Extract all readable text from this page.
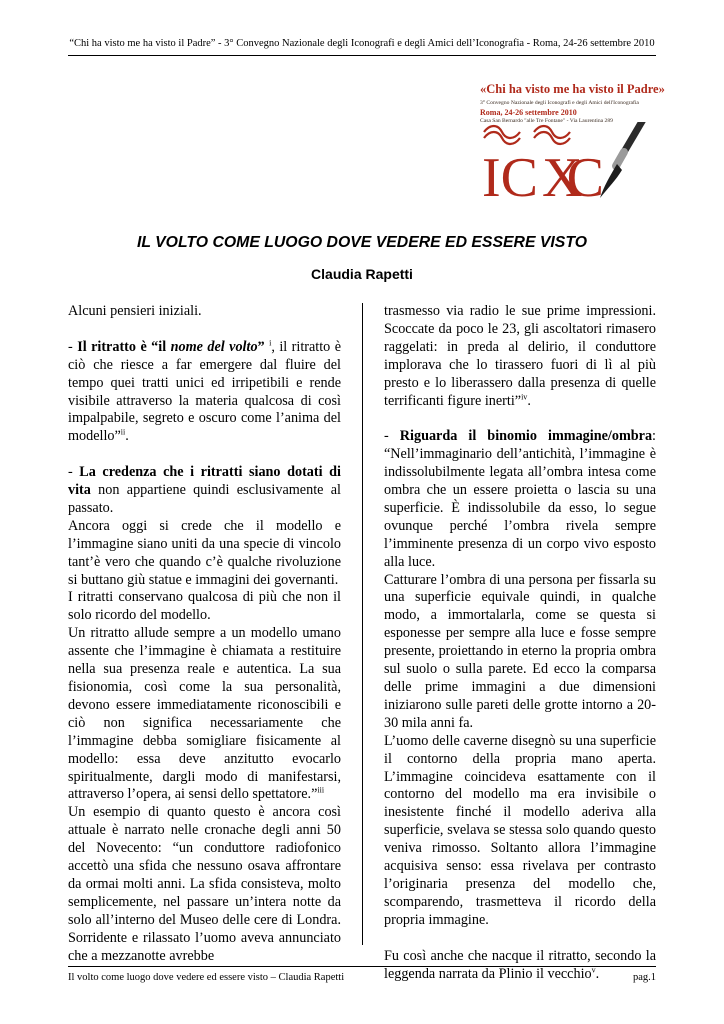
“Chi ha visto me ha visto il Padre” - 3° Convegno Nazionale degli Iconografi e degli Amici dell’Iconografia - Roma, 24-26 settembre 2010
«Chi ha visto me ha visto il Padre»
3° Convegno Nazionale degli Iconografi e degli Amici dell'Iconografia
Roma, 24-26 settembre 2010
Casa San Bernardo "alle Tre Fontane" - Via Laurentina 289
IC XC
IL VOLTO COME LUOGO DOVE VEDERE ED ESSERE VISTO
Claudia Rapetti

Alcuni pensieri iniziali.

- Il ritratto è “il nome del volto” $^i$, il ritratto è ciò che riesce a far emergere dal fluire del tempo quei tratti unici ed irripetibili e rende visibile attraverso la materia qualcosa di così impalpabile, segreto e oscuro come l’anima del modello”$^{ii}$.

- La credenza che i ritratti siano dotati di vita non appartiene quindi esclusivamente al passato.

Ancora oggi si crede che il modello e l’immagine siano uniti da una specie di vincolo tant’è vero che quando c’è qualche rivoluzione si buttano giù statue e immagini dei governanti.

I ritratti conservano qualcosa di più che non il solo ricordo del modello.

Un ritratto allude sempre a un modello umano assente che l’immagine è chiamata a restituire nella sua presenza reale e autentica. La sua fisionomia, così come la sua personalità, devono essere immediatamente riconoscibili e ciò non significa necessariamente che l’immagine debba somigliare fisicamente al modello: essa deve anzitutto evocarlo spiritualmente, dargli modo di manifestarsi, attraverso l’opera, ai sensi dello spettatore.”$^{iii}$

Un esempio di quanto questo è ancora così attuale è narrato nelle cronache degli anni 50 del Novecento: “un conduttore radiofonico accettò una sfida che nessuno osava affrontare da ormai molti anni. La sfida consisteva, molto semplicemente, nel passare un’intera notte da solo all’interno del Museo delle cere di Londra. Sorridente e rilassato l’uomo aveva annunciato che a mezzanotte avrebbe

trasmesso via radio le sue prime impressioni. Scoccate da poco le 23, gli ascoltatori rimasero raggelati: in preda al delirio, il conduttore implorava che lo tirassero fuori di lì al più presto e lo liberassero dalla presenza di quelle terrificanti figure inerti”$^{iv}$.

- Riguarda il binomio immagine/ombra: “Nell’immaginario dell’antichità, l’immagine è indissolubilmente legata all’ombra intesa come ombra che un essere proietta o lascia su una superficie. È indissolubile da esso, lo segue ovunque perché l’ombra rivela sempre l’imminente presenza di un corpo vivo esposto alla luce.

Catturare l’ombra di una persona per fissarla su una superficie equivale quindi, in qualche modo, a immortalarla, come se questa si esponesse per sempre alla luce e fosse sempre presente, proiettando in eterno la propria ombra sul suolo o sulla parete. Ed ecco la comparsa delle prime immagini a due dimensioni iniziarono sulle pareti delle grotte intorno a 20-30 mila anni fa.

L’uomo delle caverne disegnò su una superficie il contorno della propria mano aperta. L’immagine coincideva esattamente con il contorno del modello ma era invisibile o inesistente finché il modello aderiva alla superficie, svelava se stessa solo quando questo veniva rimosso. Soltanto allora l’immagine acquisiva senso: essa rivelava per contrasto l’originaria presenza del modello che, scomparendo, trasmetteva il ricordo della propria immagine.

Fu così anche che nacque il ritratto, secondo la leggenda narrata da Plinio il vecchio$^v$.

Il volto come luogo dove vedere ed essere visto – Claudia Rapetti	pag.1
